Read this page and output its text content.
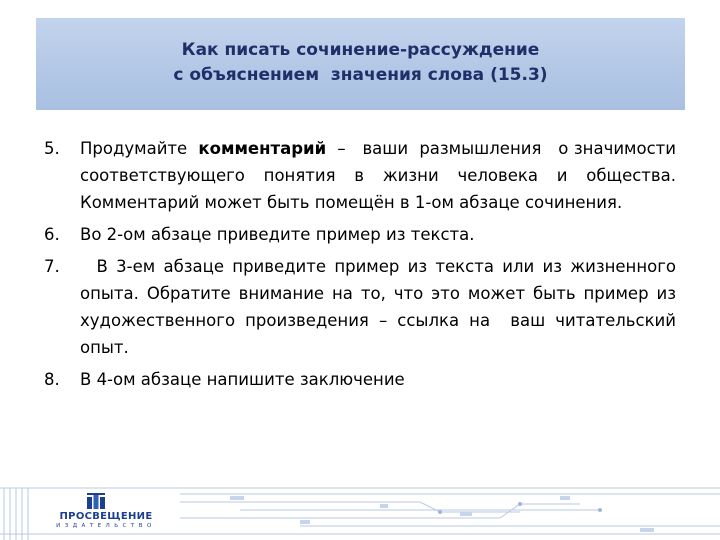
Как писать сочинение-рассуждение
с объяснением  значения слова (15.3)
5. Продумайте  комментарий  –   ваши  размышления   о значимости соответствующего понятия в жизни человека и общества. Комментарий может быть помещён в 1-ом абзаце сочинения.
6. Во 2-ом абзаце приведите пример из текста.
7. В 3-ем абзаце приведите пример из текста или из жизненного опыта. Обратите внимание на то, что это может быть пример из художественного произведения – ссылка на  ваш читательский опыт.
8. В 4-ом абзаце напишите заключение
ПРОСВЕЩЕНИЕ
ИЗДАТЕЛЬСТВО
